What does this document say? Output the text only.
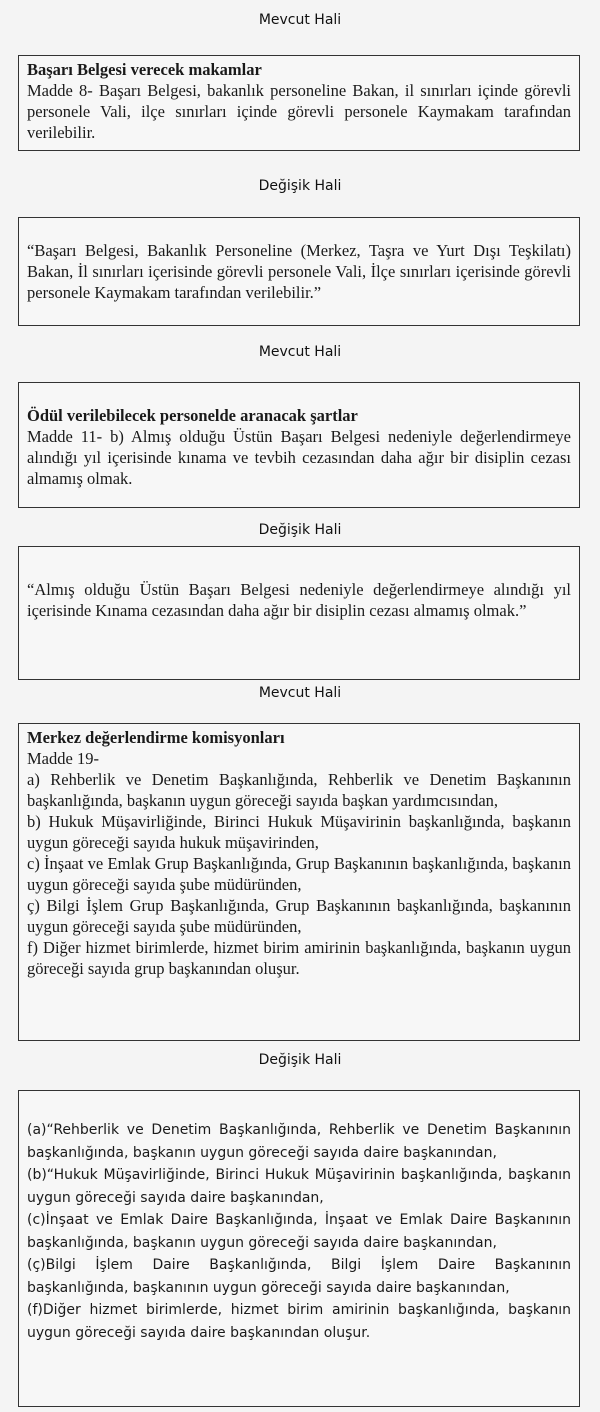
Mevcut Hali
Başarı Belgesi verecek makamlar
Madde 8- Başarı Belgesi, bakanlık personeline Bakan, il sınırları içinde görevli personele Vali, ilçe sınırları içinde görevli personele Kaymakam tarafından verilebilir.
Değişik Hali
“Başarı Belgesi, Bakanlık Personeline (Merkez, Taşra ve Yurt Dışı Teşkilatı) Bakan, İl sınırları içerisinde görevli personele Vali, İlçe sınırları içerisinde görevli personele Kaymakam tarafından verilebilir.”
Mevcut Hali
Ödül verilebilecek personelde aranacak şartlar
Madde 11- b) Almış olduğu Üstün Başarı Belgesi nedeniyle değerlendirmeye alındığı yıl içerisinde kınama ve tevbih cezasından daha ağır bir disiplin cezası almamış olmak.
Değişik Hali
“Almış olduğu Üstün Başarı Belgesi nedeniyle değerlendirmeye alındığı yıl içerisinde Kınama cezasından daha ağır bir disiplin cezası almamış olmak.”
Mevcut Hali
Merkez değerlendirme komisyonları
Madde 19-
a) Rehberlik ve Denetim Başkanlığında, Rehberlik ve Denetim Başkanının başkanlığında, başkanın uygun göreceği sayıda başkan yardımcısından,
b) Hukuk Müşavirliğinde, Birinci Hukuk Müşavirinin başkanlığında, başkanın uygun göreceği sayıda hukuk müşavirinden,
c) İnşaat ve Emlak Grup Başkanlığında, Grup Başkanının başkanlığında, başkanın uygun göreceği sayıda şube müdüründen,
ç) Bilgi İşlem Grup Başkanlığında, Grup Başkanının başkanlığında, başkanının uygun göreceği sayıda şube müdüründen,
f) Diğer hizmet birimlerde, hizmet birim amirinin başkanlığında, başkanın uygun göreceği sayıda grup başkanından oluşur.
Değişik Hali
(a)“Rehberlik ve Denetim Başkanlığında, Rehberlik ve Denetim Başkanının başkanlığında, başkanın uygun göreceği sayıda daire başkanından,
(b)“Hukuk Müşavirliğinde, Birinci Hukuk Müşavirinin başkanlığında, başkanın uygun göreceği sayıda daire başkanından,
(c)İnşaat ve Emlak Daire Başkanlığında, İnşaat ve Emlak Daire Başkanının başkanlığında, başkanın uygun göreceği sayıda daire başkanından,
(ç)Bilgi İşlem Daire Başkanlığında, Bilgi İşlem Daire Başkanının başkanlığında, başkanının uygun göreceği sayıda daire başkanından,
(f)Diğer hizmet birimlerde, hizmet birim amirinin başkanlığında, başkanın uygun göreceği sayıda daire başkanından oluşur.
